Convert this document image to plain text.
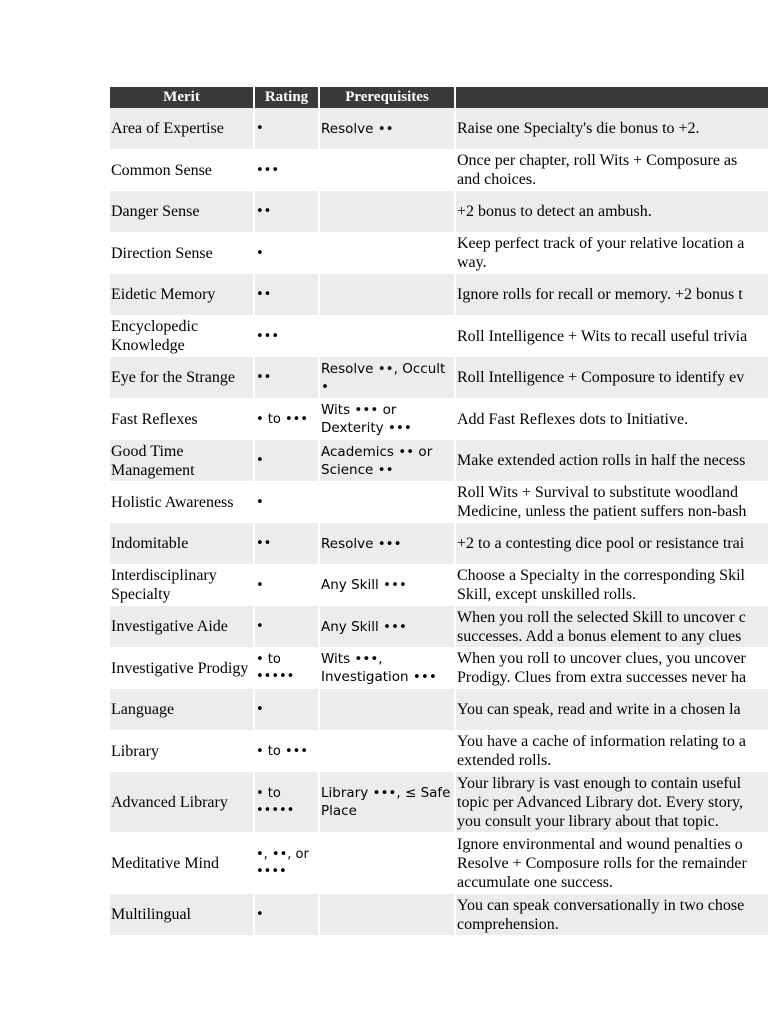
Merit	Rating	Prerequisites	
Area of Expertise	•	Resolve ••	Raise one Specialty's die bonus to +2.

Common Sense	•••		Once per chapter, roll Wits + Composure as
and choices.

Danger Sense	••		+2 bonus to detect an ambush.

Direction Sense	•		Keep perfect track of your relative location a
way.

Eidetic Memory	••		Ignore rolls for recall or memory. +2 bonus t

Encyclopedic Knowledge	•••		Roll Intelligence + Wits to recall useful trivia

Eye for the Strange	••	Resolve ••, Occult •	Roll Intelligence + Composure to identify ev

Fast Reflexes	• to •••	Wits ••• or Dexterity •••	Add Fast Reflexes dots to Initiative.

Good Time Management	•	Academics •• or Science ••	Make extended action rolls in half the necess

Holistic Awareness	•		Roll Wits + Survival to substitute woodland
Medicine, unless the patient suffers non-bash

Indomitable	••	Resolve •••	+2 to a contesting dice pool or resistance trai

Interdisciplinary Specialty	•	Any Skill •••	Choose a Specialty in the corresponding Skil
Skill, except unskilled rolls.

Investigative Aide	•	Any Skill •••	When you roll the selected Skill to uncover c
successes. Add a bonus element to any clues

Investigative Prodigy	• to •••••	Wits •••, Investigation •••	When you roll to uncover clues, you uncover
Prodigy. Clues from extra successes never ha

Language	•		You can speak, read and write in a chosen la

Library	• to •••		You have a cache of information relating to a
extended rolls.

Advanced Library	• to •••••	Library •••, ≤ Safe Place	Your library is vast enough to contain useful
topic per Advanced Library dot. Every story,
you consult your library about that topic.

Meditative Mind	•, ••, or ••••		Ignore environmental and wound penalties o
Resolve + Composure rolls for the remainder
accumulate one success.

Multilingual	•		You can speak conversationally in two chose
comprehension.
